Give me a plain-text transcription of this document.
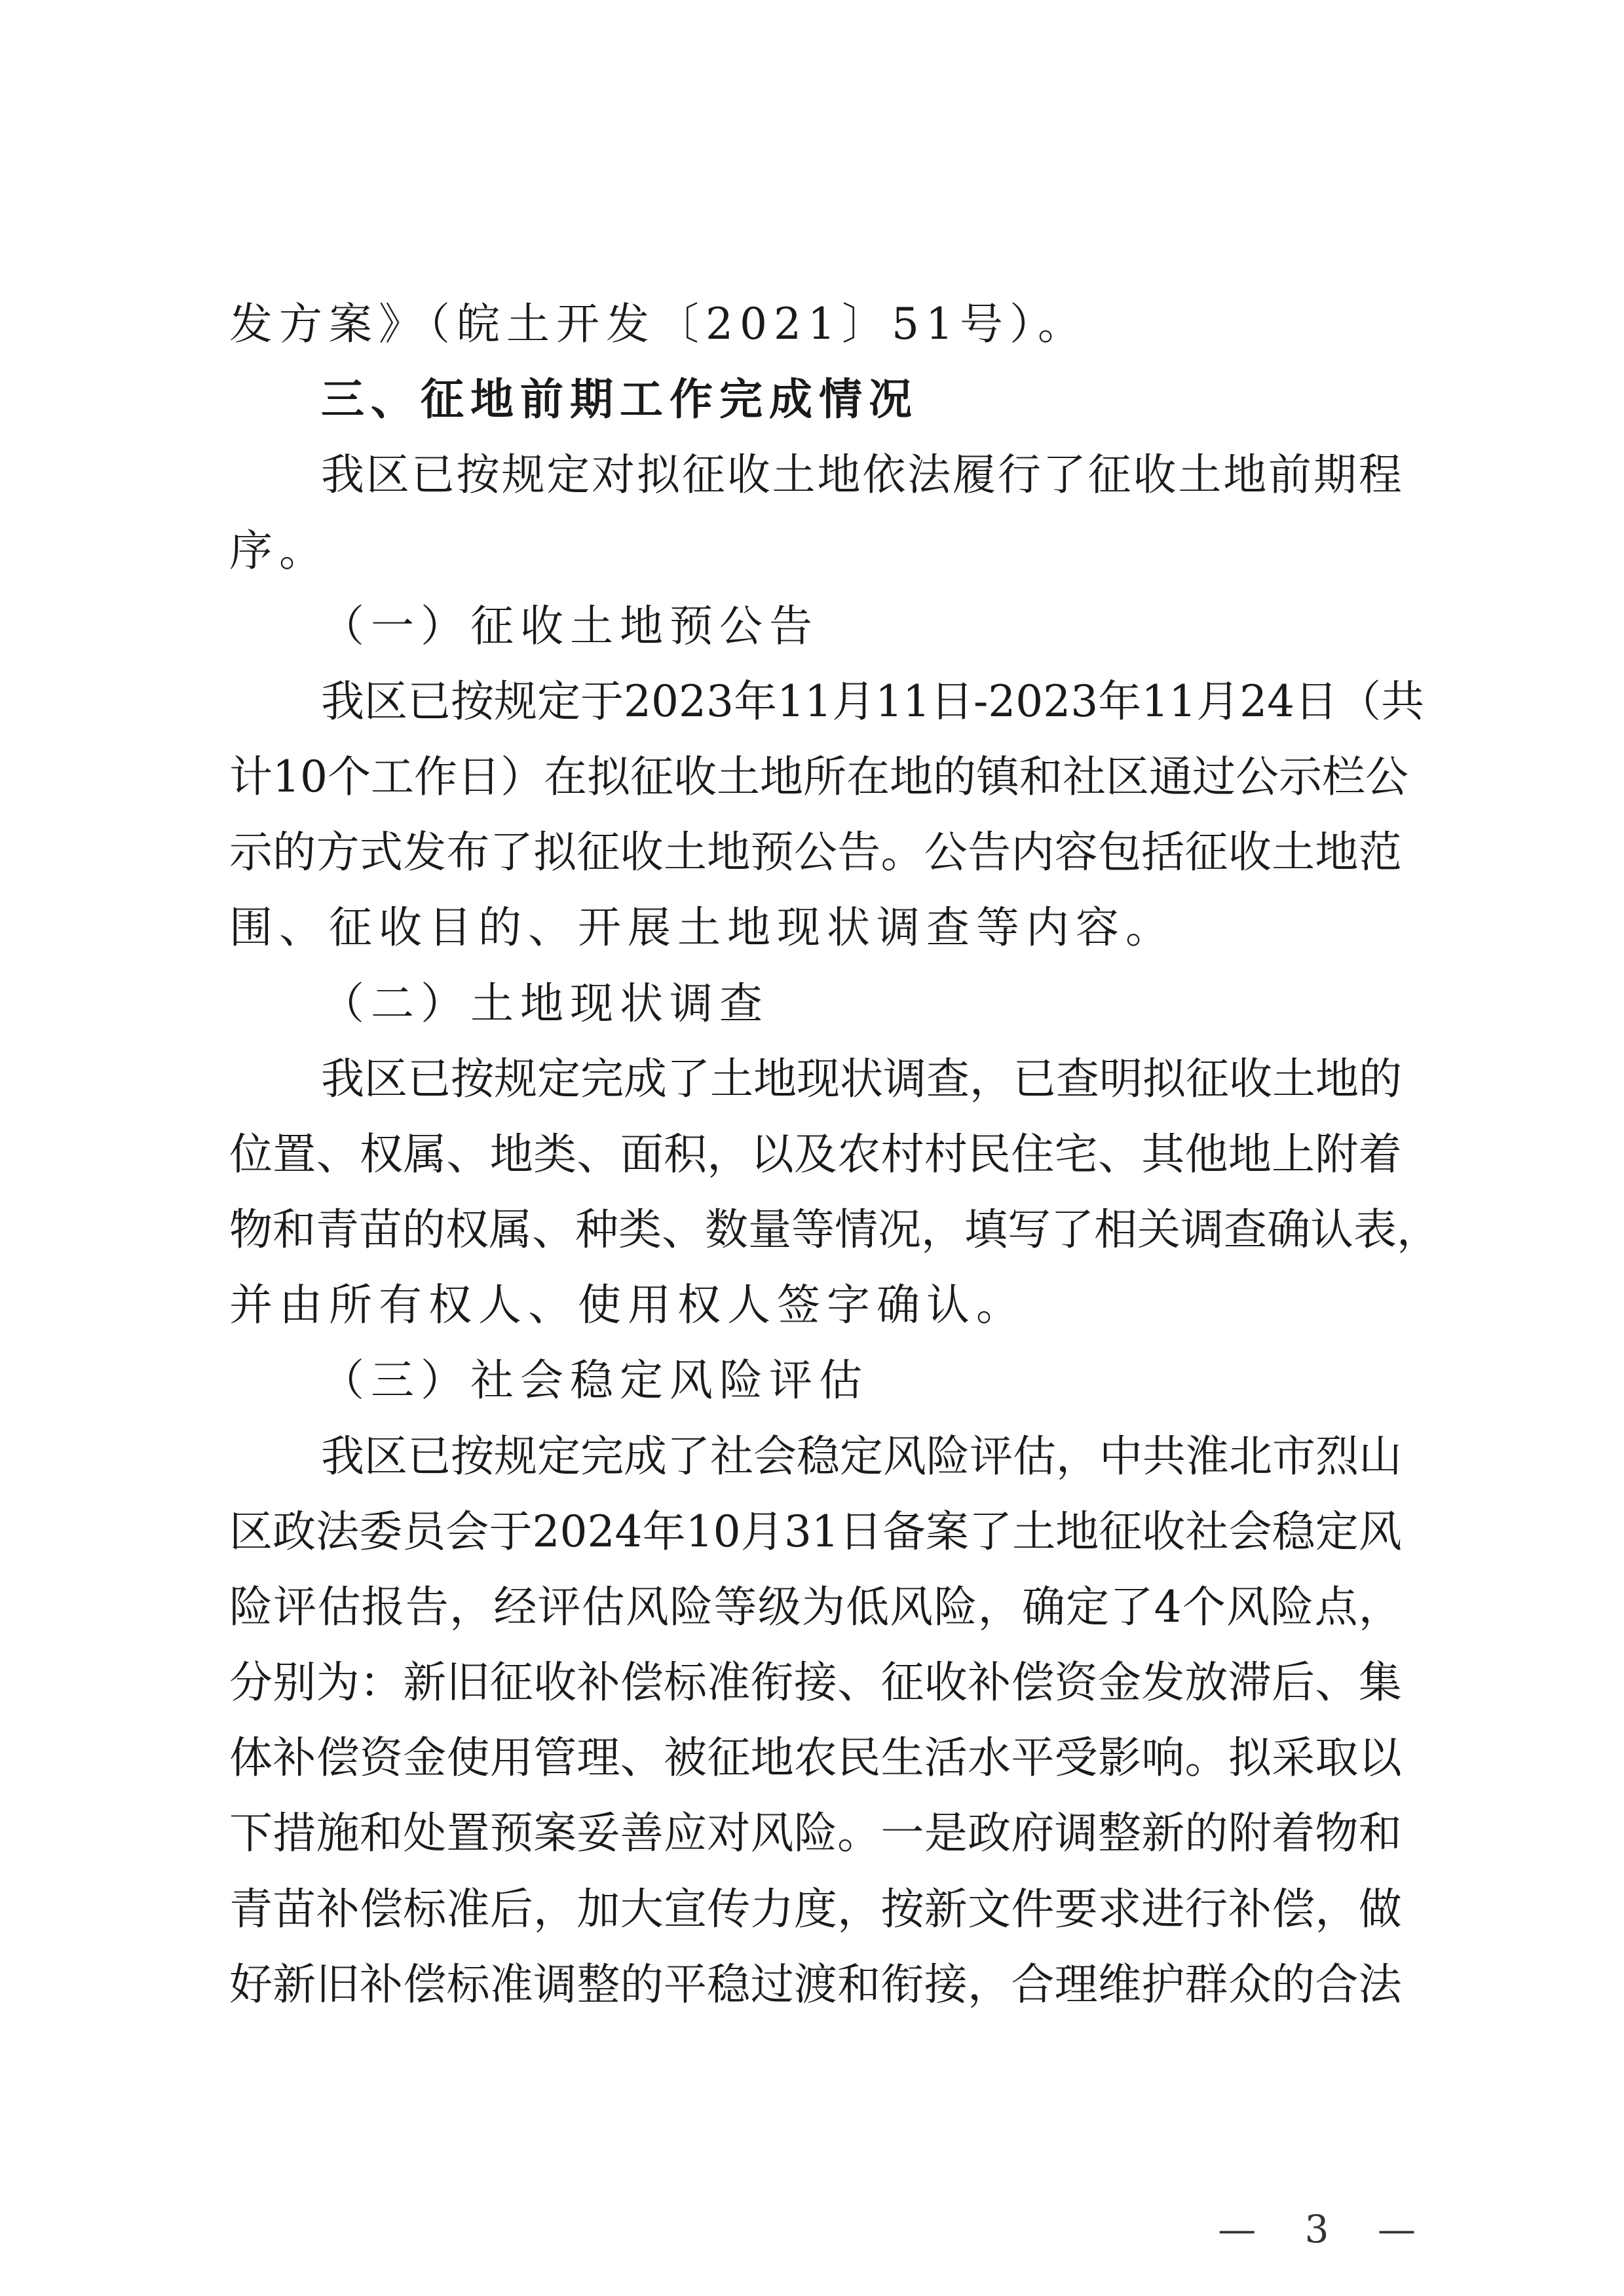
发方案》（皖土开发〔2021〕51号）。
三、征地前期工作完成情况
我 区 已 按 规 定 对 拟 征 收 土 地 依 法 履 行 了 征 收 土 地 前 期 程
序。
（一）征收土地预公告
我 区 已 按 规 定 于 2023 年 11 月 11 日 -2023 年 11 月 24 日 （ 共
计 10 个 工 作 日 ） 在 拟 征 收 土 地 所 在 地 的 镇 和 社 区 通 过 公 示 栏 公
示 的 方 式 发 布 了 拟 征 收 土 地 预 公 告 。 公 告 内 容 包 括 征 收 土 地 范
围、征收目的、开展土地现状调查等内容。
（二）土地现状调查
我 区 已 按 规 定 完 成 了 土 地 现 状 调 查 ， 已 查 明 拟 征 收 土 地 的
位 置 、 权 属 、 地 类 、 面 积 ， 以 及 农 村 村 民 住 宅 、 其 他 地 上 附 着
物 和 青 苗 的 权 属 、 种 类 、 数 量 等 情 况 ， 填 写 了 相 关 调 查 确 认 表 ，
并由所有权人、使用权人签字确认。
（三）社会稳定风险评估
我 区 已 按 规 定 完 成 了 社 会 稳 定 风 险 评 估 ， 中 共 淮 北 市 烈 山
区 政 法 委 员 会 于 2024 年 10 月 31 日 备 案 了 土 地 征 收 社 会 稳 定 风
险 评 估 报 告 ， 经 评 估 风 险 等 级 为 低 风 险 ， 确 定 了 4 个 风 险 点 ，
分 别 为 ： 新 旧 征 收 补 偿 标 准 衔 接 、 征 收 补 偿 资 金 发 放 滞 后 、 集
体 补 偿 资 金 使 用 管 理 、 被 征 地 农 民 生 活 水 平 受 影 响 。 拟 采 取 以
下 措 施 和 处 置 预 案 妥 善 应 对 风 险 。 一 是 政 府 调 整 新 的 附 着 物 和
青 苗 补 偿 标 准 后 ， 加 大 宣 传 力 度 ， 按 新 文 件 要 求 进 行 补 偿 ， 做
好 新 旧 补 偿 标 准 调 整 的 平 稳 过 渡 和 衔 接 ， 合 理 维 护 群 众 的 合 法
— 3 —
